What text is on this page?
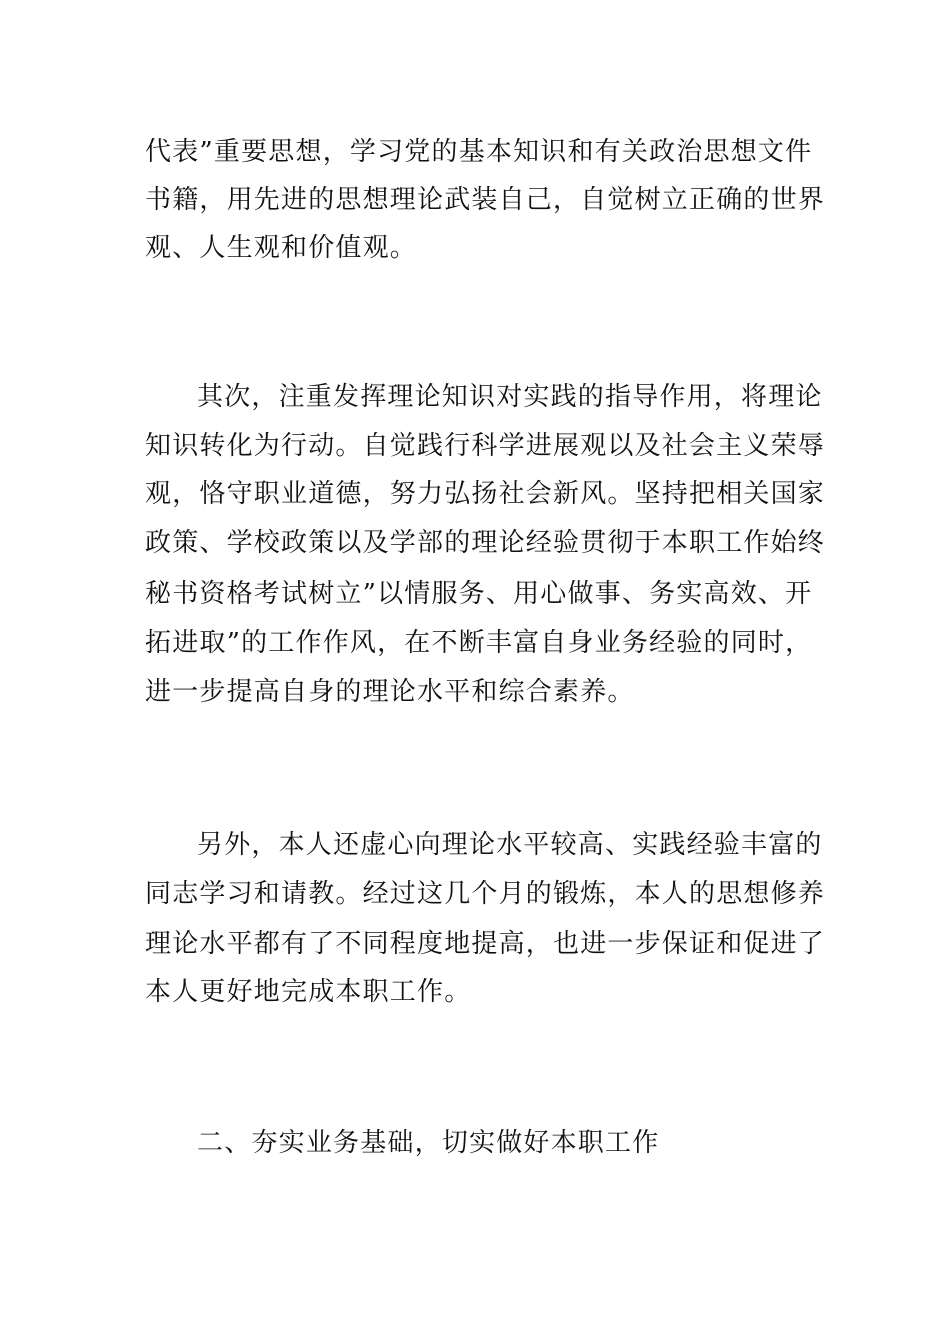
代表”重要思想，学习党的基本知识和有关政治思想文件
书籍，用先进的思想理论武装自己，自觉树立正确的世界
观、人生观和价值观。
其次，注重发挥理论知识对实践的指导作用，将理论
知识转化为行动。自觉践行科学进展观以及社会主义荣辱
观，恪守职业道德，努力弘扬社会新风。坚持把相关国家
政策、学校政策以及学部的理论经验贯彻于本职工作始终
秘书资格考试树立”以情服务、用心做事、务实高效、开
拓进取”的工作作风，在不断丰富自身业务经验的同时，
进一步提高自身的理论水平和综合素养。
另外，本人还虚心向理论水平较高、实践经验丰富的
同志学习和请教。经过这几个月的锻炼，本人的思想修养
理论水平都有了不同程度地提高，也进一步保证和促进了
本人更好地完成本职工作。
二、夯实业务基础，切实做好本职工作
